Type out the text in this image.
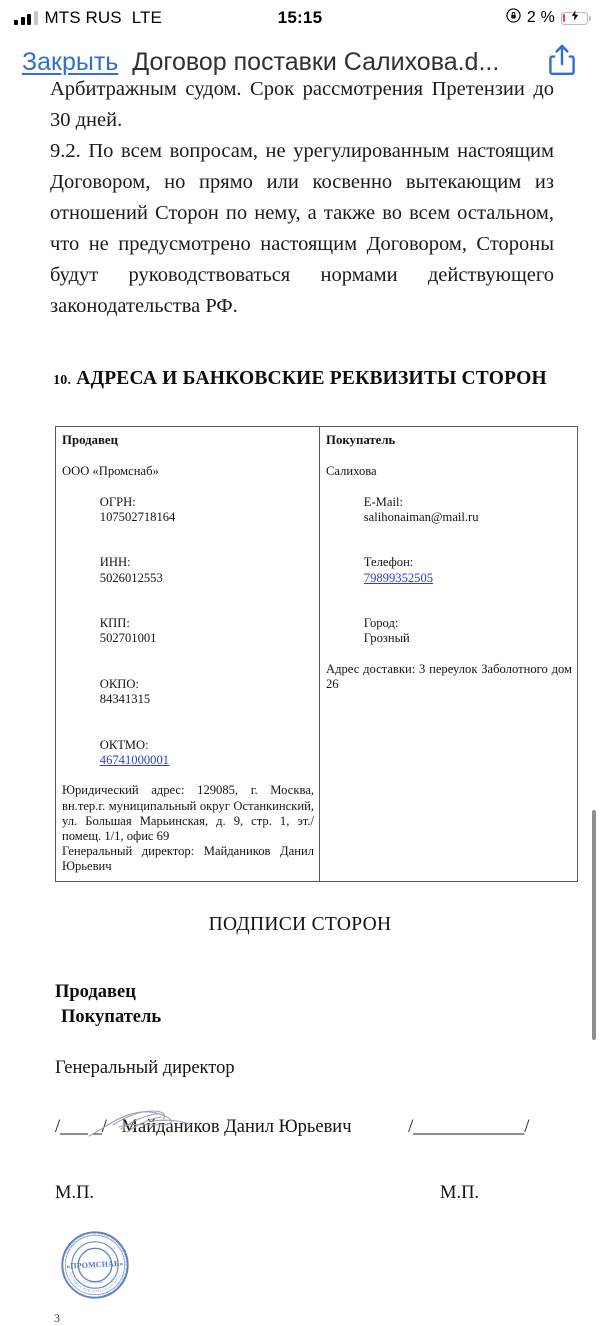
MTS RUS LTE	15:15	2 %
Закрыть Договор поставки Салихова.d...

Арбитражным судом. Срок рассмотрения Претензии до 30 дней.

9.2. По всем вопросам, не урегулированным настоящим Договором, но прямо или косвенно вытекающим из отношений Сторон по нему, а также во всем остальном, что не предусмотрено настоящим Договором, Стороны будут руководствоваться нормами действующего законодательства РФ.

10. АДРЕСА И БАНКОВСКИЕ РЕКВИЗИТЫ СТОРОН
Продавец
ООО «Промснаб»

ОГРН:
107502718164

ИНН:
5026012553

КПП:
502701001

ОКПО:
84341315

ОКТМО:
46741000001

Юридический адрес: 129085, г. Москва, вн.тер.г. муниципальный округ Останкинский, ул. Большая Марьинская, д. 9, стр. 1, эт./помещ. 1/1, офис 69
Генеральный директор: Майдаников Данил Юрьевич

Покупатель
Салихова

E-Mail:
salihonaiman@mail.ru

Телефон:
79899352505

Город:
Грозный

Адрес доставки: 3 переулок Заболотного дом 26
ПОДПИСИ СТОРОН
Продавец
Покупатель
Генеральный директор
/___ _/ Майдаников Данил Юрьевич	/____________/
М.П.	М.П.
ОБЩЕСТВО С ОГРАНИЧЕННОЙ ОТВЕТСТВЕННОСТЬЮ
ОГРН 107502718164 ИНН 5026012553
«ПРОМСНАБ»
г. МОСКВА
3
